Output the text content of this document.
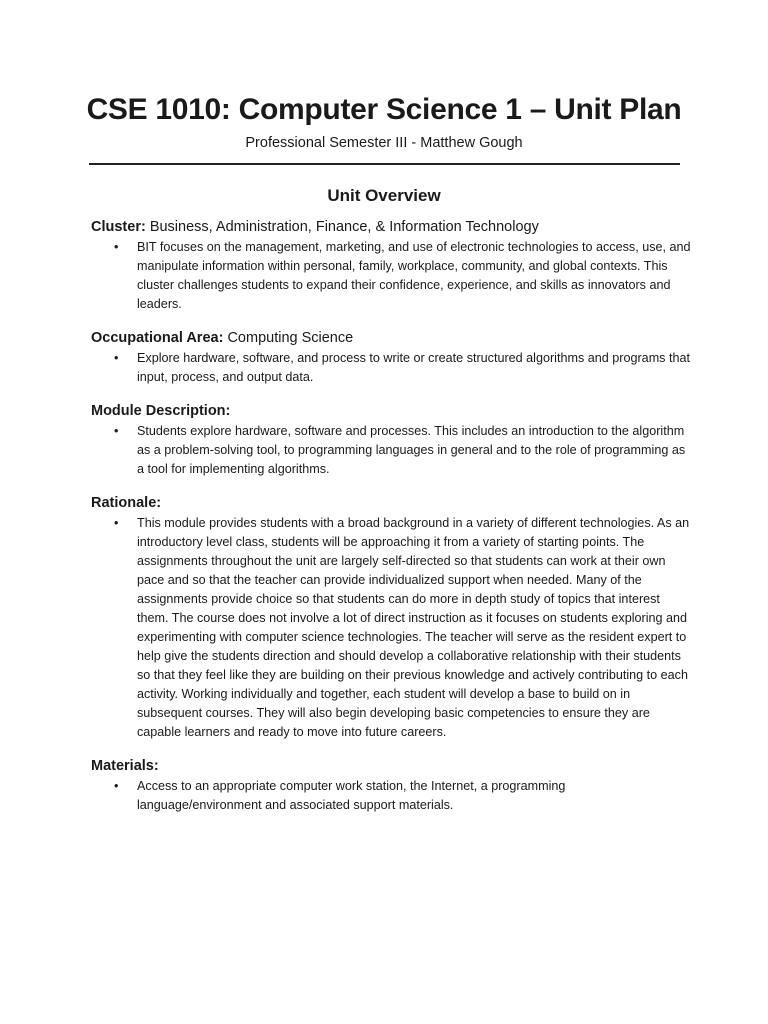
CSE 1010: Computer Science 1 – Unit Plan
Professional Semester III - Matthew Gough
Unit Overview
Cluster: Business, Administration, Finance, & Information Technology
• BIT focuses on the management, marketing, and use of electronic technologies to access, use, and manipulate information within personal, family, workplace, community, and global contexts. This cluster challenges students to expand their confidence, experience, and skills as innovators and leaders.
Occupational Area: Computing Science
• Explore hardware, software, and process to write or create structured algorithms and programs that input, process, and output data.
Module Description:
• Students explore hardware, software and processes. This includes an introduction to the algorithm as a problem-solving tool, to programming languages in general and to the role of programming as a tool for implementing algorithms.
Rationale:
• This module provides students with a broad background in a variety of different technologies. As an introductory level class, students will be approaching it from a variety of starting points. The assignments throughout the unit are largely self-directed so that students can work at their own pace and so that the teacher can provide individualized support when needed. Many of the assignments provide choice so that students can do more in depth study of topics that interest them. The course does not involve a lot of direct instruction as it focuses on students exploring and experimenting with computer science technologies. The teacher will serve as the resident expert to help give the students direction and should develop a collaborative relationship with their students so that they feel like they are building on their previous knowledge and actively contributing to each activity. Working individually and together, each student will develop a base to build on in subsequent courses. They will also begin developing basic competencies to ensure they are capable learners and ready to move into future careers.
Materials:
• Access to an appropriate computer work station, the Internet, a programming language/environment and associated support materials.
